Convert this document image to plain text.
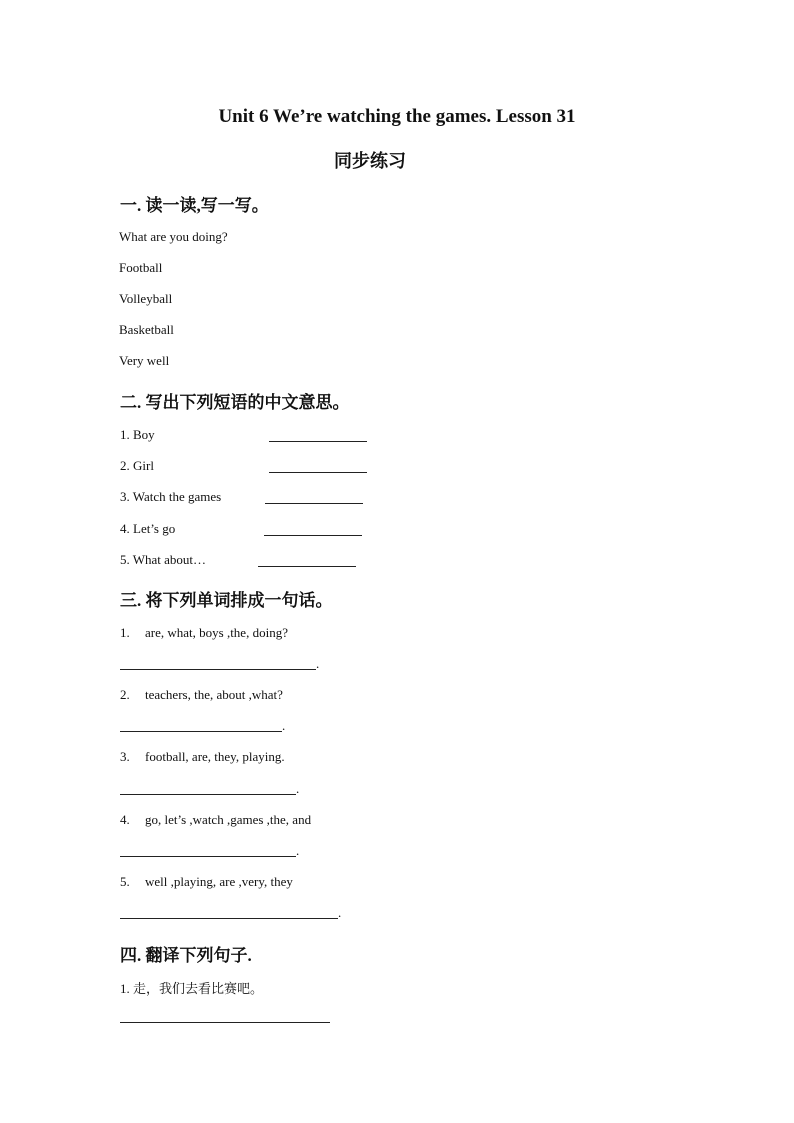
Unit 6 We’re watching the games. Lesson 31
同步练习
一. 读一读,写一写。
What are you doing?
Football
Volleyball
Basketball
Very well
二. 写出下列短语的中文意思。
1. Boy
2. Girl
3. Watch the games
4. Let’s go
5. What about…
三. 将下列单词排成一句话。
1. are, what, boys ,the, doing?
.
2. teachers, the, about ,what?
.
3. football, are, they, playing.
.
4. go, let’s ,watch ,games ,the, and
.
5. well ,playing, are ,very, they
.
四. 翻译下列句子.
1. 走，我们去看比赛吧。
